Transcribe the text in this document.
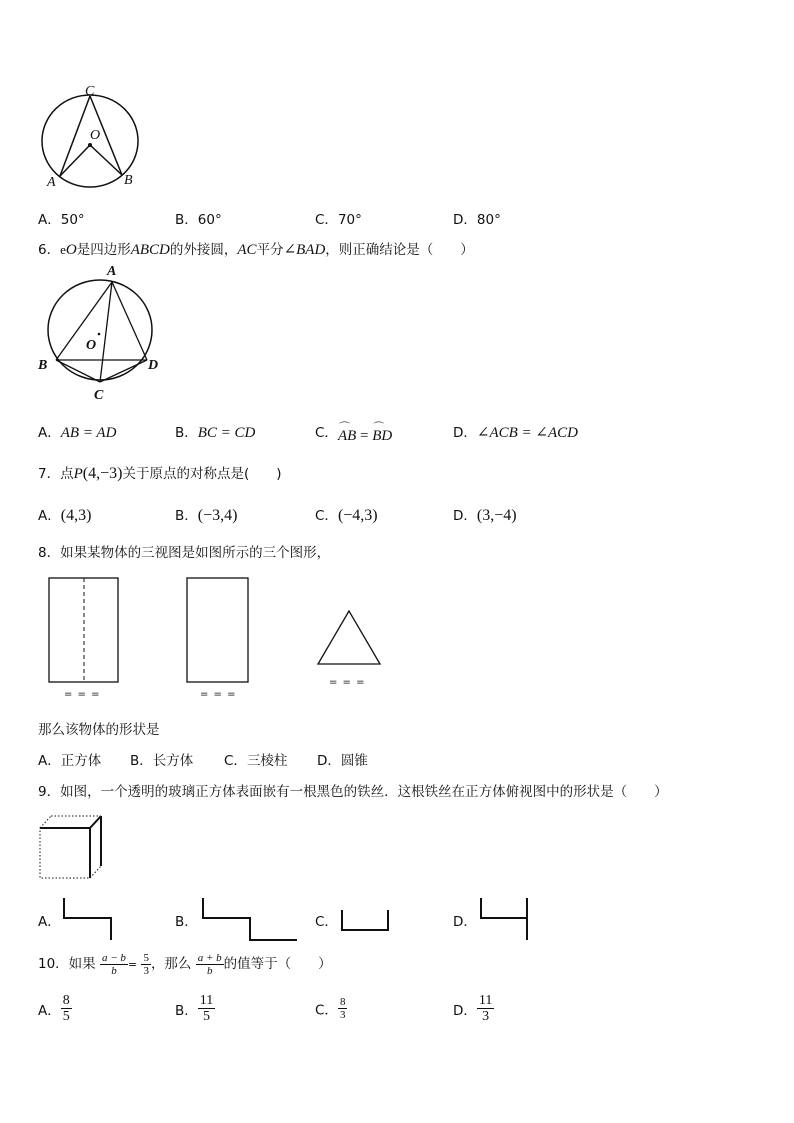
C
O
A	B
A．50°	B．60°	C．70°	D．80°
6．eO是四边形ABCD的外接圆，AC平分∠BAD，则正确结论是（　　）
A
O
B	D
C
A．AB = AD	B．BC = CD	C．⌒ AB = ⌒ BD	D．∠ACB = ∠ACD
7．点P(4,−3)关于原点的对称点是(　　)
A．(4,3)	B．(−3,4)	C．(−4,3)	D．(3,−4)
8．如果某物体的三视图是如图所示的三个图形，
= = =	= = =
= = =
那么该物体的形状是
A．正方体 B．长方体 C．三棱柱 D．圆锥
9．如图，一个透明的玻璃正方体表面嵌有一根黑色的铁丝．这根铁丝在正方体俯视图中的形状是（　　）
A．	B．	C．	D．
10．如果 $\frac{a - b}{b} = \frac{5}{3}$ ，那么 $\frac{a + b}{b}$ 的值等于（　　）
A． $\frac{8}{5}$	B． $\frac{11}{5}$	C． $\frac{8}{3}$	D． $\frac{11}{3}$
